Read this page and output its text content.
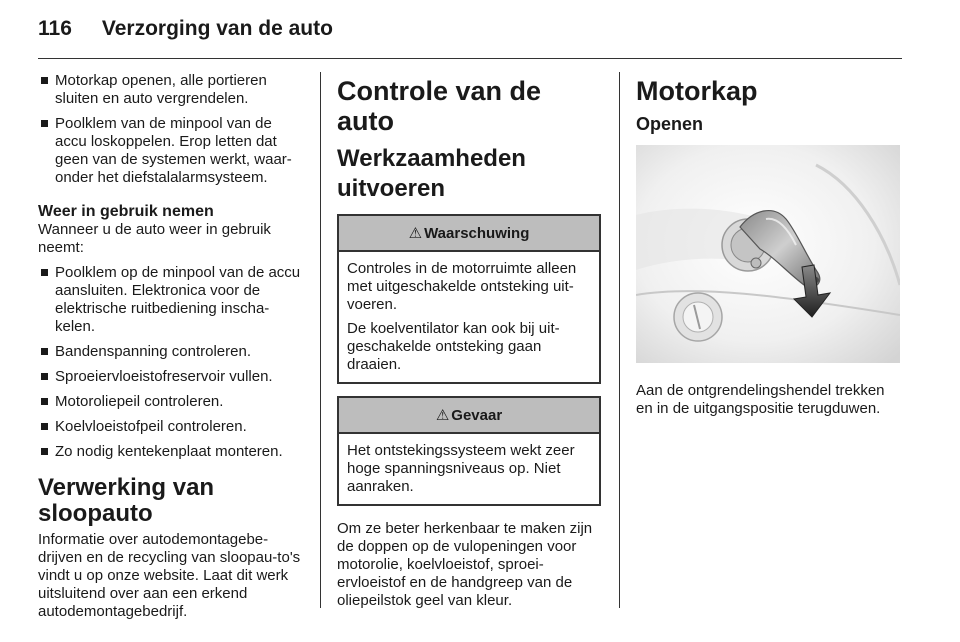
116 Verzorging van de auto
Motorkap openen, alle portieren sluiten en auto vergrendelen.
Poolklem van de minpool van de accu loskoppelen. Erop letten dat geen van de systemen werkt, waar-onder het diefstalalarmsysteem.
Weer in gebruik nemen

Wanneer u de auto weer in gebruik neemt:

Poolklem op de minpool van de accu aansluiten. Elektronica voor de elektrische ruitbediening inscha-kelen.
Bandenspanning controleren.
Sproeiervloeistofreservoir vullen.
Motoroliepeil controleren.
Koelvloeistofpeil controleren.
Zo nodig kentekenplaat monteren.
Verwerking van sloopauto

Informatie over autodemontagebe-drijven en de recycling van sloopau-to's vindt u op onze website. Laat dit werk uitsluitend over aan een erkend autodemontagebedrijf.

Controle van de auto
Werkzaamheden uitvoeren
⚠ Waarschuwing

Controles in de motorruimte alleen met uitgeschakelde ontsteking uit-voeren.

De koelventilator kan ook bij uit-geschakelde ontsteking gaan draaien.

⚠ Gevaar

Het ontstekingssysteem wekt zeer hoge spanningsniveaus op. Niet aanraken.

Om ze beter herkenbaar te maken zijn de doppen op de vulopeningen voor motorolie, koelvloeistof, sproei-ervloeistof en de handgreep van de oliepeilstok geel van kleur.

Motorkap
Openen

Aan de ontgrendelingshendel trekken en in de uitgangspositie terugduwen.
